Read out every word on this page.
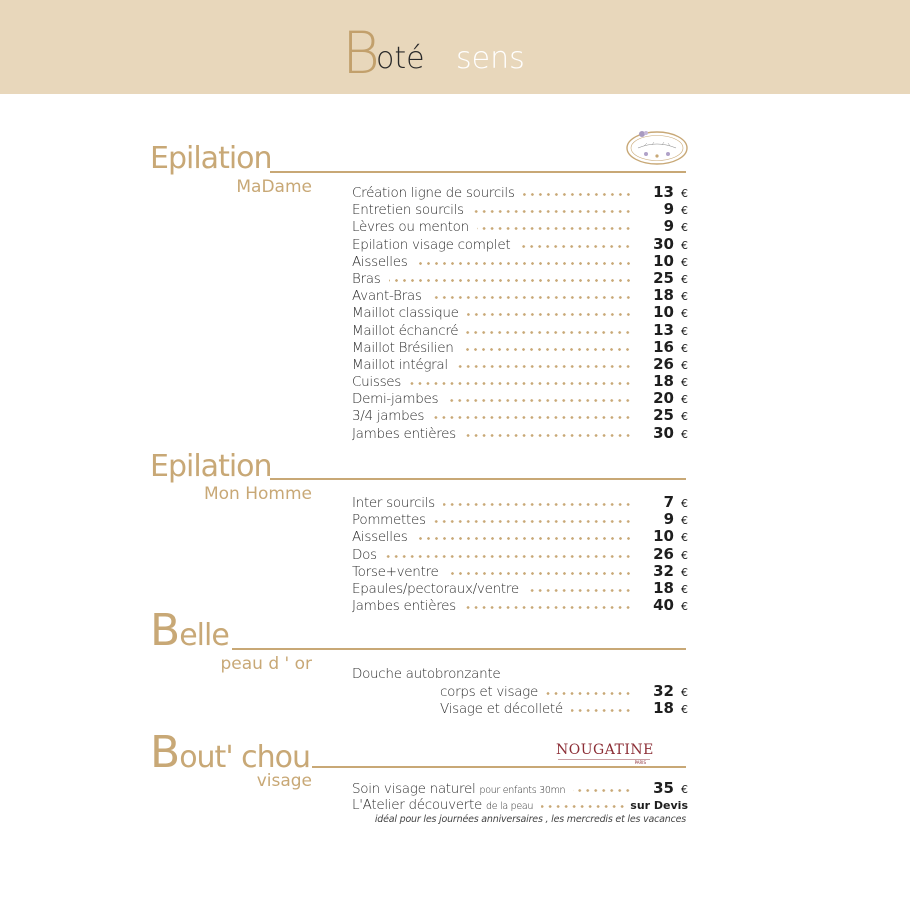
B
oté sens
Epilation
MaDame	Création ligne de sourcils	13 €
Entretien sourcils	9 €
Lèvres ou menton	9 €
Epilation visage complet	30 €
Aisselles	10 €
Bras	25 €
Avant-Bras	18 €
Maillot classique	10 €
Maillot échancré	13 €
Maillot Brésilien	16 €
Maillot intégral	26 €
Cuisses	18 €
Demi-jambes	20 €
3/4 jambes	25 €
Jambes entières	30 €
Epilation
Mon Homme	Inter sourcils	7 €
Pommettes	9 €
Aisselles	10 €
Dos	26 €
Torse+ventre	32 €
Epaules/pectoraux/ventre	18 €
Jambes entières	40 €
Belle
peau d ' or	Douche autobronzante
corps et visage	32 €
Visage et décolleté	18 €
Bout' chou
visage
NOUGATINE
PARIS
Soin visage naturel pour enfants 30mn	35 €
L'Atelier découverte de la peau	sur Devis
idéal pour les journées anniversaires , les mercredis et les vacances
